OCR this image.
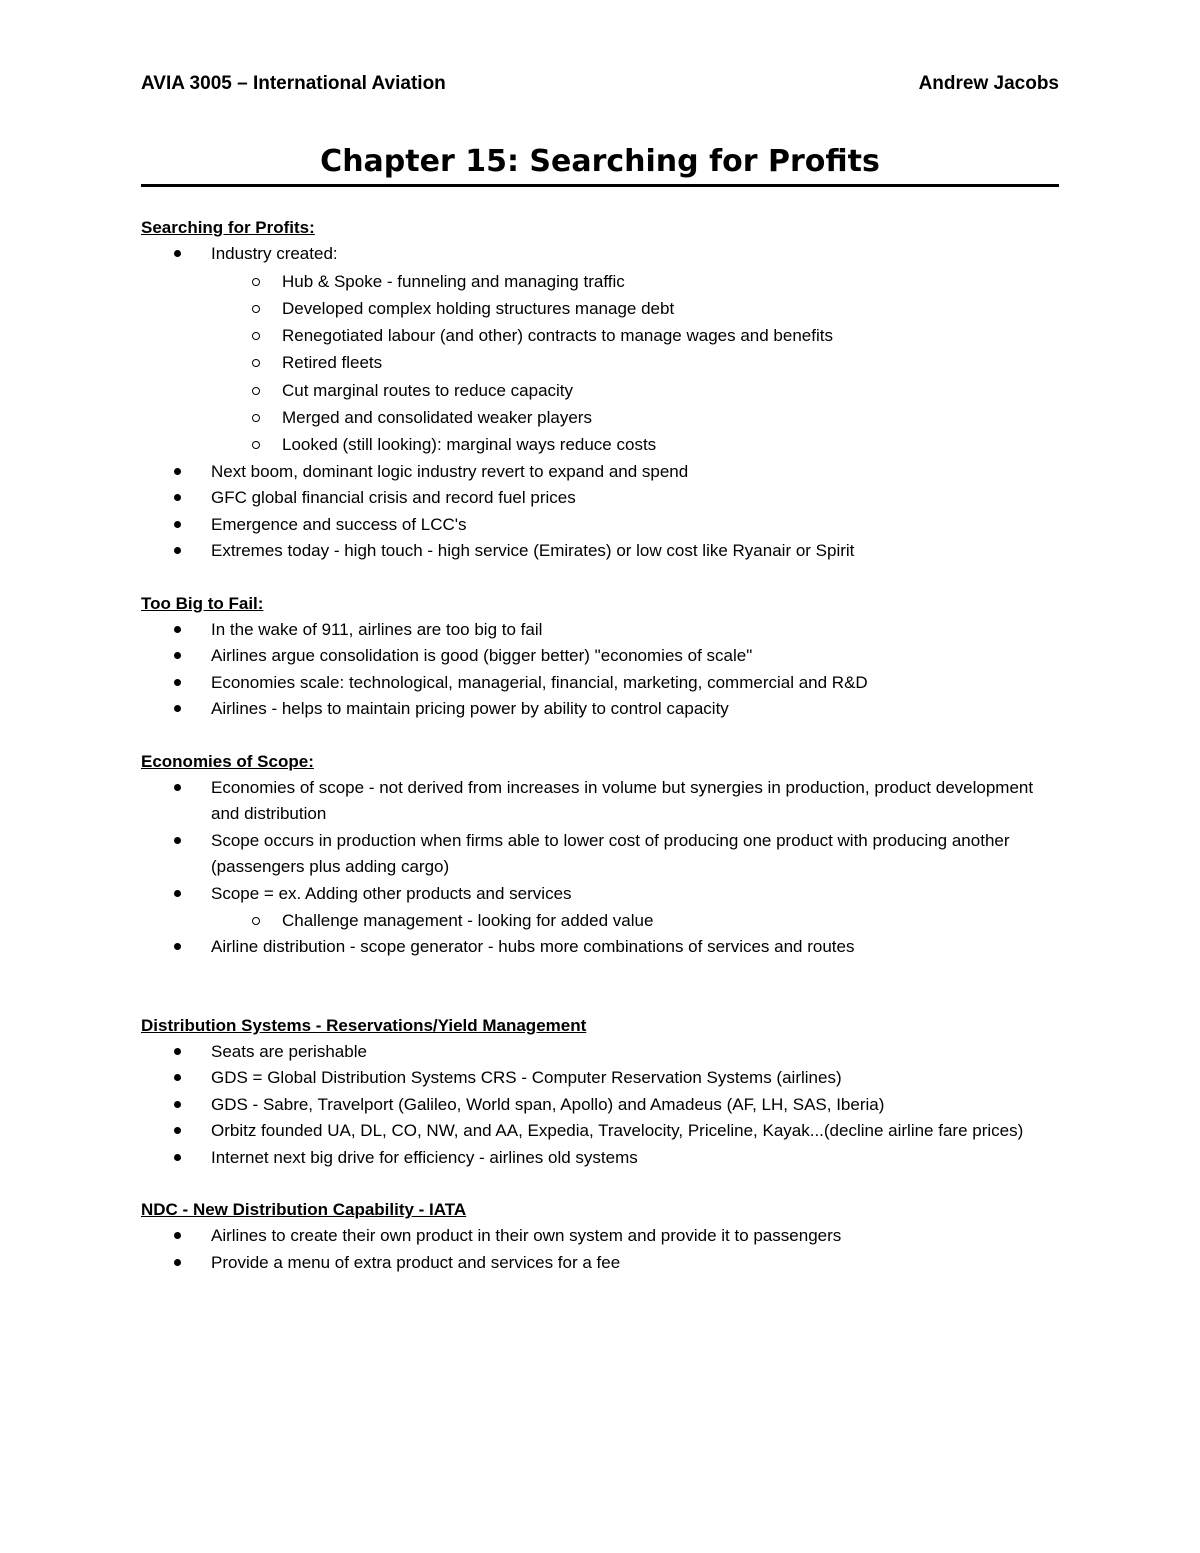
AVIA 3005 – International Aviation	Andrew Jacobs
Chapter 15: Searching for Profits
Searching for Profits:
Industry created:
Hub & Spoke - funneling and managing traffic
Developed complex holding structures manage debt
Renegotiated labour (and other) contracts to manage wages and benefits
Retired fleets
Cut marginal routes to reduce capacity
Merged and consolidated weaker players
Looked (still looking): marginal ways reduce costs
Next boom, dominant logic industry revert to expand and spend
GFC global financial crisis and record fuel prices
Emergence and success of LCC's
Extremes today - high touch - high service (Emirates) or low cost like Ryanair or Spirit
Too Big to Fail:
In the wake of 911, airlines are too big to fail
Airlines argue consolidation is good (bigger better) "economies of scale"
Economies scale: technological, managerial, financial, marketing, commercial and R&D
Airlines - helps to maintain pricing power by ability to control capacity
Economies of Scope:
Economies of scope - not derived from increases in volume but synergies in production, product development and distribution
Scope occurs in production when firms able to lower cost of producing one product with producing another (passengers plus adding cargo)
Scope = ex. Adding other products and services
Challenge management - looking for added value
Airline distribution - scope generator - hubs more combinations of services and routes
Distribution Systems - Reservations/Yield Management
Seats are perishable
GDS = Global Distribution Systems CRS - Computer Reservation Systems (airlines)
GDS - Sabre, Travelport (Galileo, World span, Apollo) and Amadeus (AF, LH, SAS, Iberia)
Orbitz founded UA, DL, CO, NW, and AA, Expedia, Travelocity, Priceline, Kayak...(decline airline fare prices)
Internet next big drive for efficiency - airlines old systems
NDC - New Distribution Capability - IATA
Airlines to create their own product in their own system and provide it to passengers
Provide a menu of extra product and services for a fee
